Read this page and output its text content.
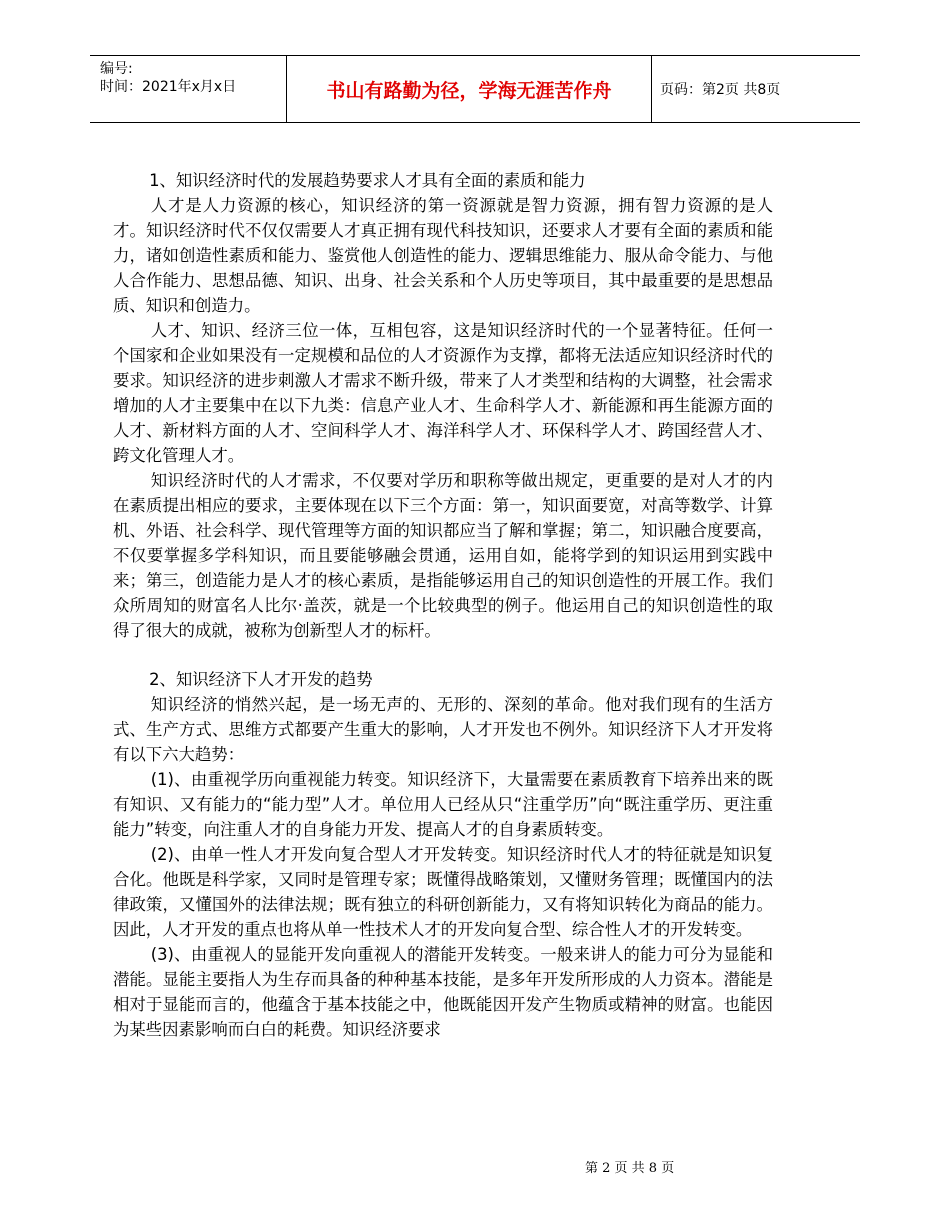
编号:
时间：2021年x月x日	书山有路勤为径，学海无涯苦作舟	页码：第2页 共8页

1、知识经济时代的发展趋势要求人才具有全面的素质和能力

人才是人力资源的核心，知识经济的第一资源就是智力资源，拥有智力资源的是人才。知识经济时代不仅仅需要人才真正拥有现代科技知识，还要求人才要有全面的素质和能力，诸如创造性素质和能力、鉴赏他人创造性的能力、逻辑思维能力、服从命令能力、与他人合作能力、思想品德、知识、出身、社会关系和个人历史等项目，其中最重要的是思想品质、知识和创造力。

人才、知识、经济三位一体，互相包容，这是知识经济时代的一个显著特征。任何一个国家和企业如果没有一定规模和品位的人才资源作为支撑，都将无法适应知识经济时代的要求。知识经济的进步刺激人才需求不断升级，带来了人才类型和结构的大调整，社会需求增加的人才主要集中在以下九类：信息产业人才、生命科学人才、新能源和再生能源方面的人才、新材料方面的人才、空间科学人才、海洋科学人才、环保科学人才、跨国经营人才、跨文化管理人才。

知识经济时代的人才需求，不仅要对学历和职称等做出规定，更重要的是对人才的内在素质提出相应的要求，主要体现在以下三个方面：第一，知识面要宽，对高等数学、计算机、外语、社会科学、现代管理等方面的知识都应当了解和掌握；第二，知识融合度要高，不仅要掌握多学科知识，而且要能够融会贯通，运用自如，能将学到的知识运用到实践中来；第三，创造能力是人才的核心素质，是指能够运用自己的知识创造性的开展工作。我们众所周知的财富名人比尔·盖茨，就是一个比较典型的例子。他运用自己的知识创造性的取得了很大的成就，被称为创新型人才的标杆。

2、知识经济下人才开发的趋势

知识经济的悄然兴起，是一场无声的、无形的、深刻的革命。他对我们现有的生活方式、生产方式、思维方式都要产生重大的影响，人才开发也不例外。知识经济下人才开发将有以下六大趋势：

(1)、由重视学历向重视能力转变。知识经济下，大量需要在素质教育下培养出来的既有知识、又有能力的“能力型”人才。单位用人已经从只“注重学历”向“既注重学历、更注重能力”转变，向注重人才的自身能力开发、提高人才的自身素质转变。

(2)、由单一性人才开发向复合型人才开发转变。知识经济时代人才的特征就是知识复合化。他既是科学家，又同时是管理专家；既懂得战略策划，又懂财务管理；既懂国内的法律政策，又懂国外的法律法规；既有独立的科研创新能力，又有将知识转化为商品的能力。因此，人才开发的重点也将从单一性技术人才的开发向复合型、综合性人才的开发转变。

(3)、由重视人的显能开发向重视人的潜能开发转变。一般来讲人的能力可分为显能和潜能。显能主要指人为生存而具备的种种基本技能，是多年开发所形成的人力资本。潜能是相对于显能而言的，他蕴含于基本技能之中，他既能因开发产生物质或精神的财富。也能因为某些因素影响而白白的耗费。知识经济要求

第 2 页 共 8 页
